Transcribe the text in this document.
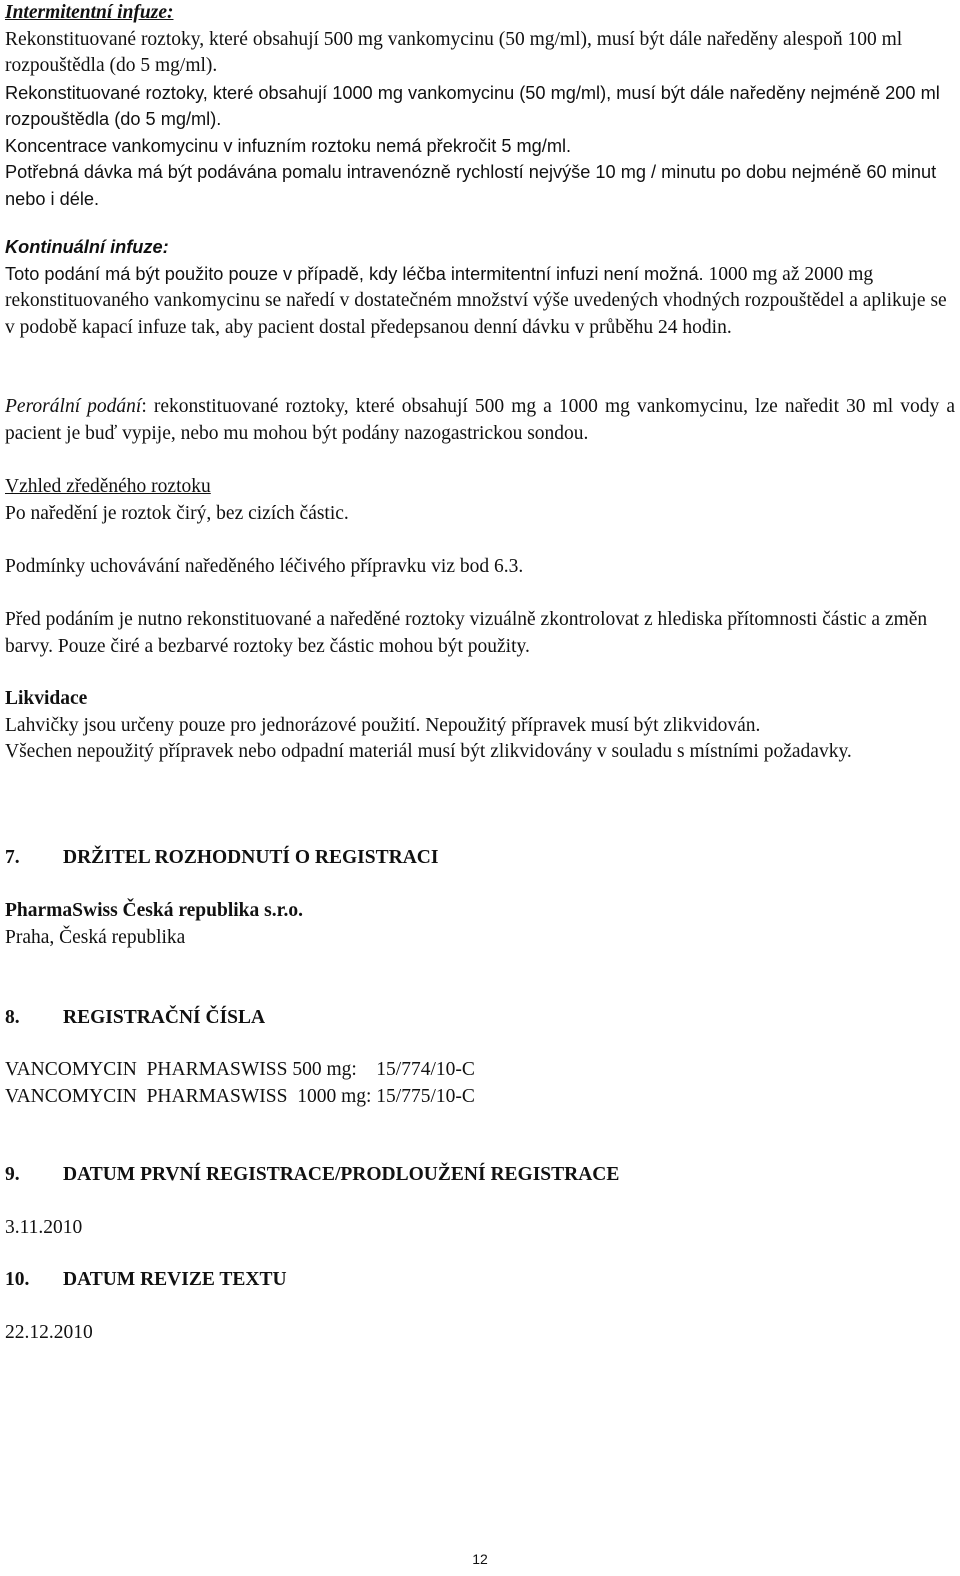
Intermitentní infuze:

Rekonstituované roztoky, které obsahují 500 mg vankomycinu (50 mg/ml), musí být dále naředěny alespoň 100 ml rozpouštědla (do 5 mg/ml).

Rekonstituované roztoky, které obsahují 1000 mg vankomycinu (50 mg/ml), musí být dále naředěny nejméně 200 ml rozpouštědla (do 5 mg/ml).

Koncentrace vankomycinu v infuzním roztoku nemá překročit 5 mg/ml.

Potřebná dávka má být podávána pomalu intravenózně rychlostí nejvýše 10 mg / minutu po dobu nejméně 60 minut nebo i déle.

Kontinuální infuze:

Toto podání má být použito pouze v případě, kdy léčba intermitentní infuzi není možná. 1000 mg až 2000 mg rekonstituovaného vankomycinu se naředí v dostatečném množství výše uvedených vhodných rozpouštědel a aplikuje se v podobě kapací infuze tak, aby pacient dostal předepsanou denní dávku v průběhu 24 hodin.

Perorální podání: rekonstituované roztoky, které obsahují 500 mg a 1000 mg vankomycinu, lze naředit 30 ml vody a pacient je buď vypije, nebo mu mohou být podány nazogastrickou sondou.

Vzhled zředěného roztoku

Po naředění je roztok čirý, bez cizích částic.

Podmínky uchovávání naředěného léčivého přípravku viz bod 6.3.

Před podáním je nutno rekonstituované a naředěné roztoky vizuálně zkontrolovat z hlediska přítomnosti částic a změn barvy. Pouze čiré a bezbarvé roztoky bez částic mohou být použity.

Likvidace

Lahvičky jsou určeny pouze pro jednorázové použití. Nepoužitý přípravek musí být zlikvidován.

Všechen nepoužitý přípravek nebo odpadní materiál musí být zlikvidovány v souladu s místními požadavky.

7.	DRŽITEL ROZHODNUTÍ O REGISTRACI

PharmaSwiss Česká republika s.r.o.

Praha, Česká republika

8.	REGISTRAČNÍ ČÍSLA

VANCOMYCIN  PHARMASWISS 500 mg: 15/774/10-C

VANCOMYCIN  PHARMASWISS  1000 mg: 15/775/10-C

9.	DATUM PRVNÍ REGISTRACE/PRODLOUŽENÍ REGISTRACE

3.11.2010

10.	DATUM REVIZE TEXTU

22.12.2010

12
